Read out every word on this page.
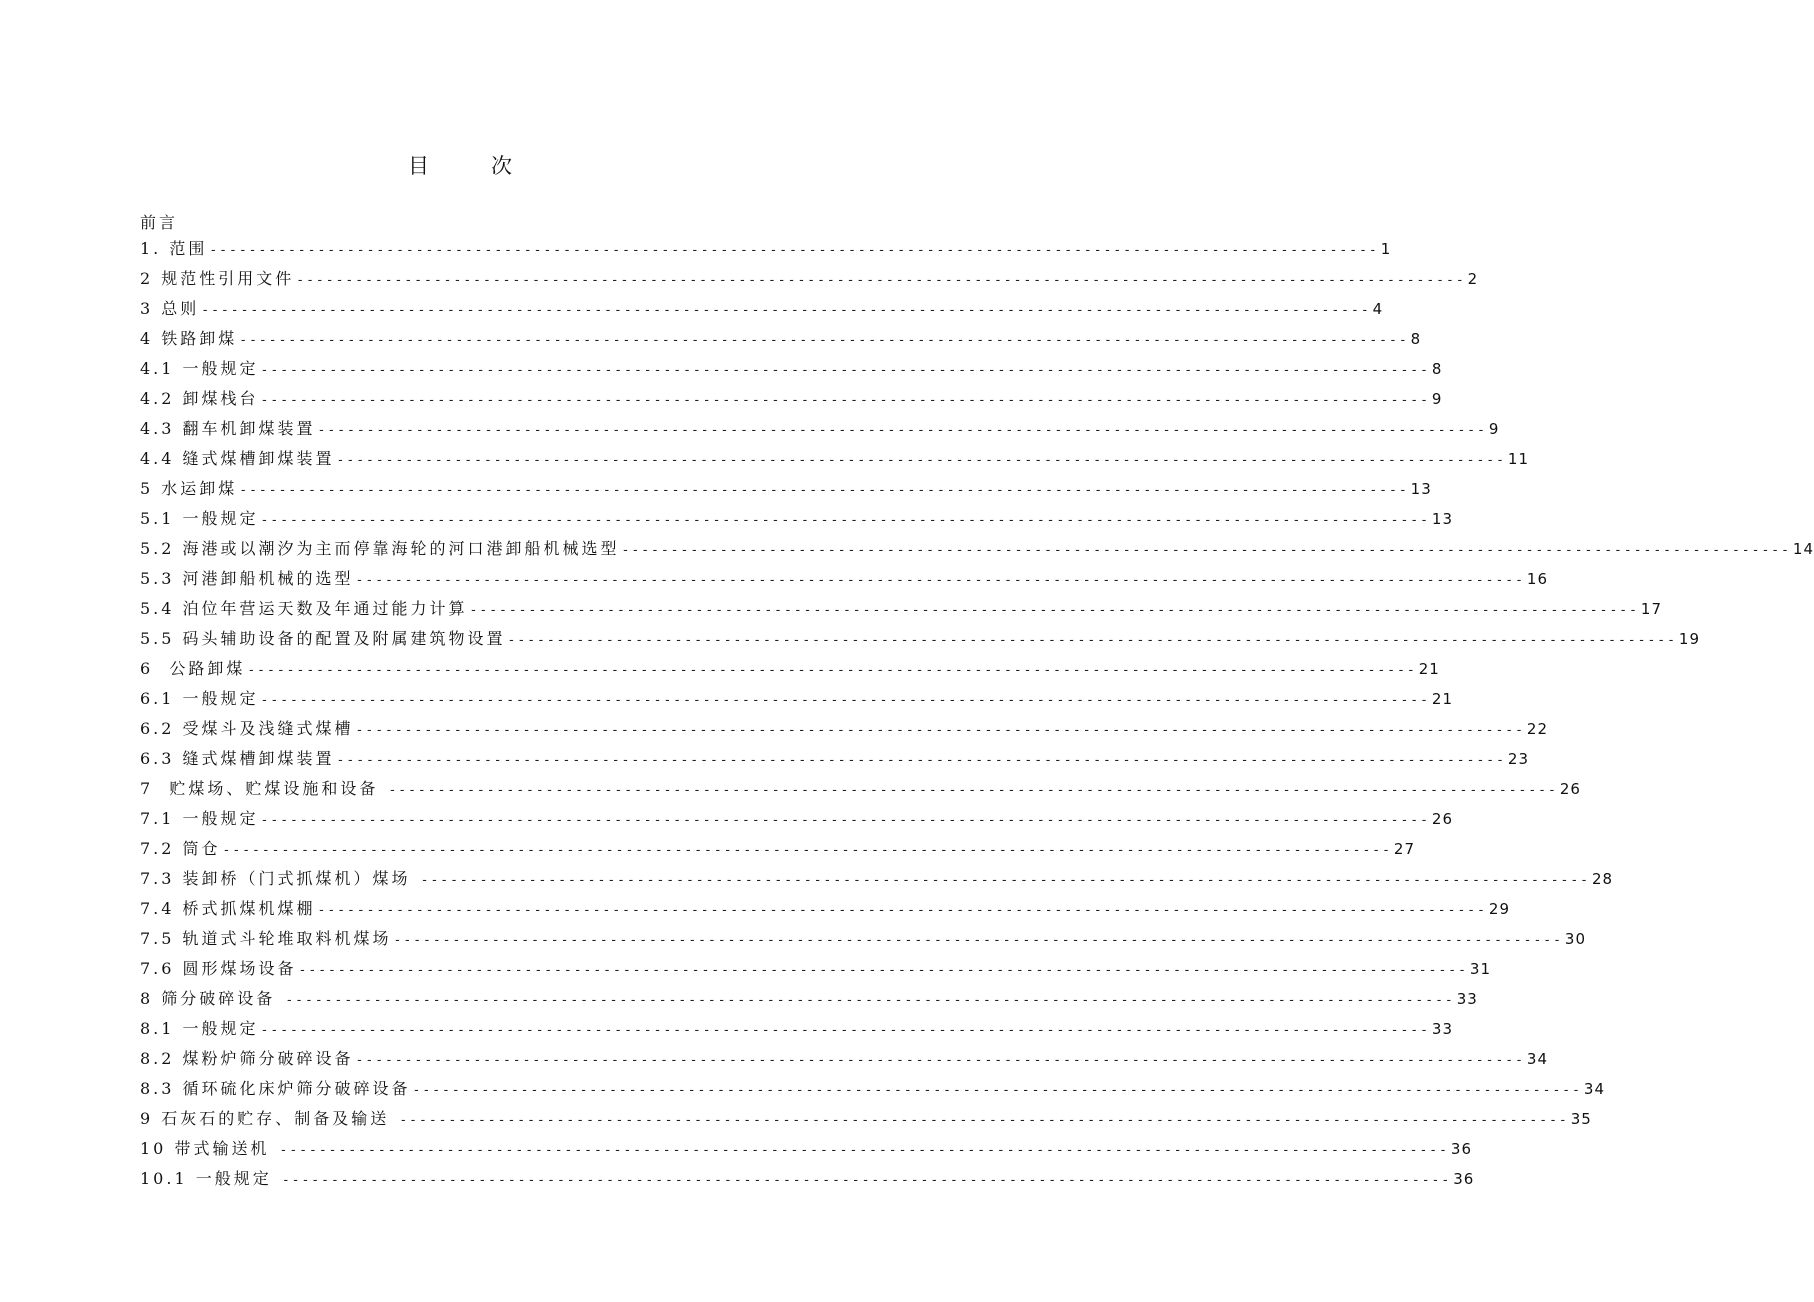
目	次
前言
1. 范围 ----------------------------------------------------------------------------------------------------------------------- 1
2 规范性引用文件 ----------------------------------------------------------------------------------------------------------------------- 2
3 总则 ----------------------------------------------------------------------------------------------------------------------- 4
4 铁路卸煤 ----------------------------------------------------------------------------------------------------------------------- 8
4.1 一般规定 ----------------------------------------------------------------------------------------------------------------------- 8
4.2 卸煤栈台 ----------------------------------------------------------------------------------------------------------------------- 9
4.3 翻车机卸煤装置 ----------------------------------------------------------------------------------------------------------------------- 9
4.4 缝式煤槽卸煤装置 ----------------------------------------------------------------------------------------------------------------------- 11
5 水运卸煤 ----------------------------------------------------------------------------------------------------------------------- 13
5.1 一般规定 ----------------------------------------------------------------------------------------------------------------------- 13
5.2 海港或以潮汐为主而停靠海轮的河口港卸船机械选型 ----------------------------------------------------------------------------------------------------------------------- 14
5.3 河港卸船机械的选型 ----------------------------------------------------------------------------------------------------------------------- 16
5.4 泊位年营运天数及年通过能力计算 ----------------------------------------------------------------------------------------------------------------------- 17
5.5 码头辅助设备的配置及附属建筑物设置 ----------------------------------------------------------------------------------------------------------------------- 19
6  公路卸煤 ----------------------------------------------------------------------------------------------------------------------- 21
6.1 一般规定 ----------------------------------------------------------------------------------------------------------------------- 21
6.2 受煤斗及浅缝式煤槽 ----------------------------------------------------------------------------------------------------------------------- 22
6.3 缝式煤槽卸煤装置 ----------------------------------------------------------------------------------------------------------------------- 23
7  贮煤场、贮煤设施和设备 ----------------------------------------------------------------------------------------------------------------------- 26
7.1 一般规定 ----------------------------------------------------------------------------------------------------------------------- 26
7.2 筒仓 ----------------------------------------------------------------------------------------------------------------------- 27
7.3 装卸桥（门式抓煤机）煤场 ----------------------------------------------------------------------------------------------------------------------- 28
7.4 桥式抓煤机煤棚 ----------------------------------------------------------------------------------------------------------------------- 29
7.5 轨道式斗轮堆取料机煤场 ----------------------------------------------------------------------------------------------------------------------- 30
7.6 圆形煤场设备 ----------------------------------------------------------------------------------------------------------------------- 31
8 筛分破碎设备 ----------------------------------------------------------------------------------------------------------------------- 33
8.1 一般规定 ----------------------------------------------------------------------------------------------------------------------- 33
8.2 煤粉炉筛分破碎设备 ----------------------------------------------------------------------------------------------------------------------- 34
8.3 循环硫化床炉筛分破碎设备 ----------------------------------------------------------------------------------------------------------------------- 34
9 石灰石的贮存、制备及输送 ----------------------------------------------------------------------------------------------------------------------- 35
10 带式输送机 ----------------------------------------------------------------------------------------------------------------------- 36
10.1 一般规定 ----------------------------------------------------------------------------------------------------------------------- 36
